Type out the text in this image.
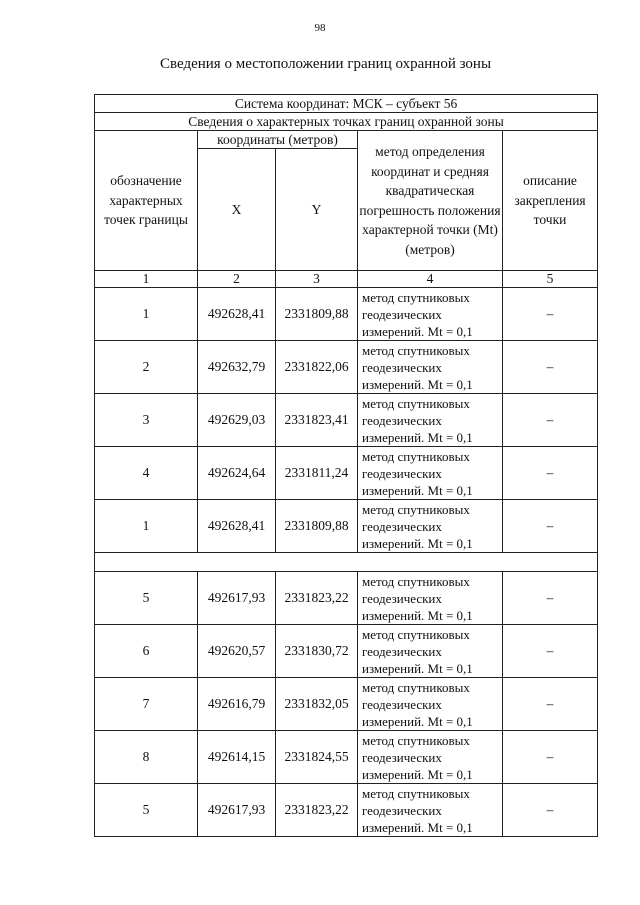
98
Сведения о местоположении границ охранной зоны
Система координат: МСК – субъект 56				
Сведения о характерных точках границ охранной зоны				
обозначение характерных точек границы	координаты (метров)		метод определения координат и средняя квадратическая погрешность положения характерной точки (Mt) (метров)	описание закрепления точки
	X	Y		
1	2	3	4	5
1	492628,41	2331809,88	метод спутниковых геодезических измерений. Mt = 0,1	–
2	492632,79	2331822,06	метод спутниковых геодезических измерений. Mt = 0,1	–
3	492629,03	2331823,41	метод спутниковых геодезических измерений. Mt = 0,1	–
4	492624,64	2331811,24	метод спутниковых геодезических измерений. Mt = 0,1	–
1	492628,41	2331809,88	метод спутниковых геодезических измерений. Mt = 0,1	–

5	492617,93	2331823,22	метод спутниковых геодезических измерений. Mt = 0,1	–
6	492620,57	2331830,72	метод спутниковых геодезических измерений. Mt = 0,1	–
7	492616,79	2331832,05	метод спутниковых геодезических измерений. Mt = 0,1	–
8	492614,15	2331824,55	метод спутниковых геодезических измерений. Mt = 0,1	–
5	492617,93	2331823,22	метод спутниковых геодезических измерений. Mt = 0,1	–
